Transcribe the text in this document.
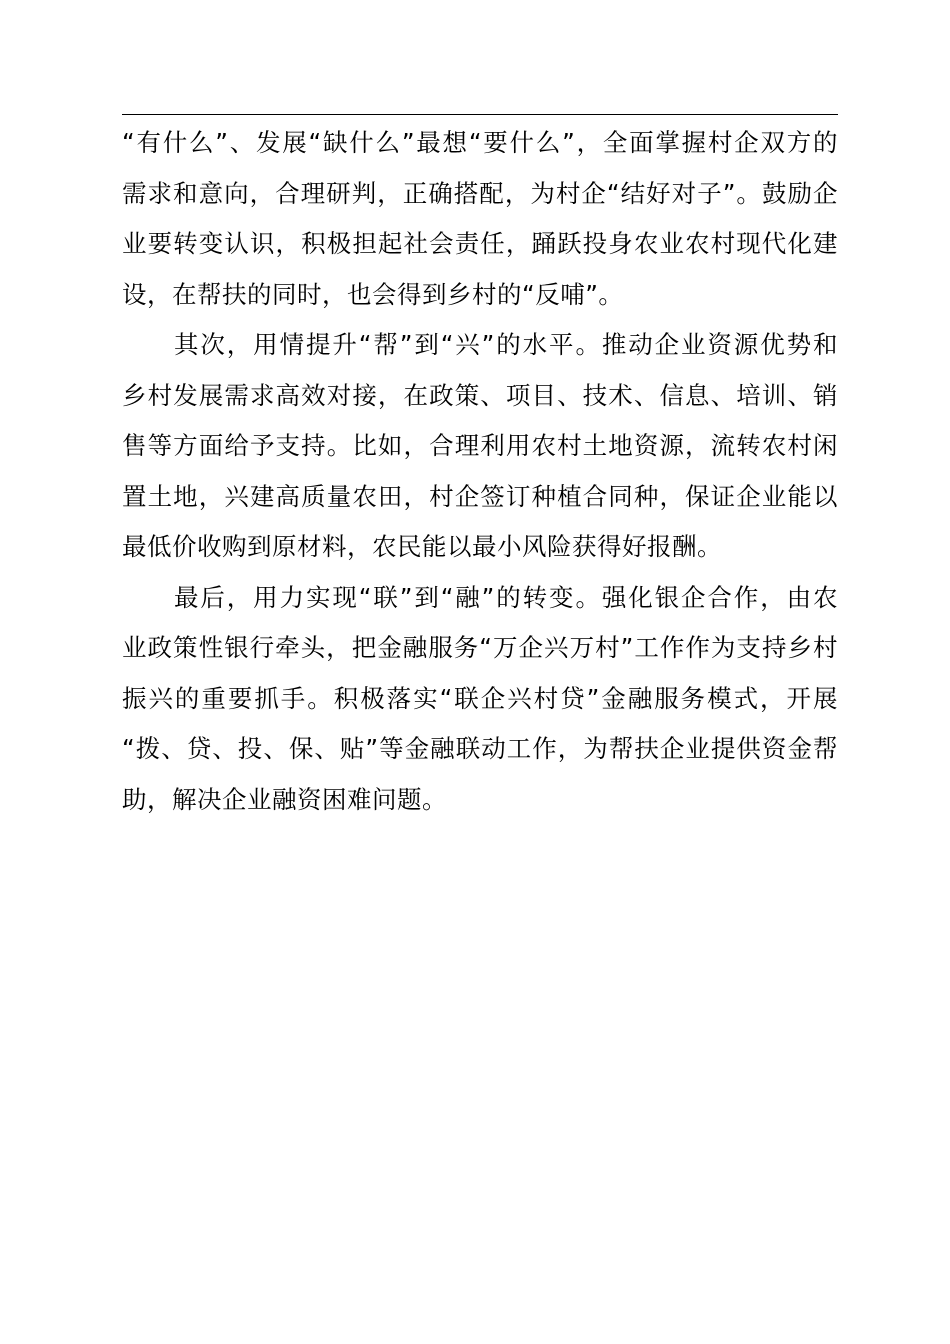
“有什么”、发展“缺什么”最想“要什么”，全面掌握村企双方的
需求和意向，合理研判，正确搭配，为村企“结好对子”。鼓励企
业要转变认识，积极担起社会责任，踊跃投身农业农村现代化建
设，在帮扶的同时，也会得到乡村的“反哺”。
其次，用情提升“帮”到“兴”的水平。推动企业资源优势和
乡村发展需求高效对接，在政策、项目、技术、信息、培训、销
售等方面给予支持。比如，合理利用农村土地资源，流转农村闲
置土地，兴建高质量农田，村企签订种植合同种，保证企业能以
最低价收购到原材料，农民能以最小风险获得好报酬。
最后，用力实现“联”到“融”的转变。强化银企合作，由农
业政策性银行牵头，把金融服务“万企兴万村”工作作为支持乡村
振兴的重要抓手。积极落实“联企兴村贷”金融服务模式，开展
“拨、贷、投、保、贴”等金融联动工作，为帮扶企业提供资金帮
助，解决企业融资困难问题。
